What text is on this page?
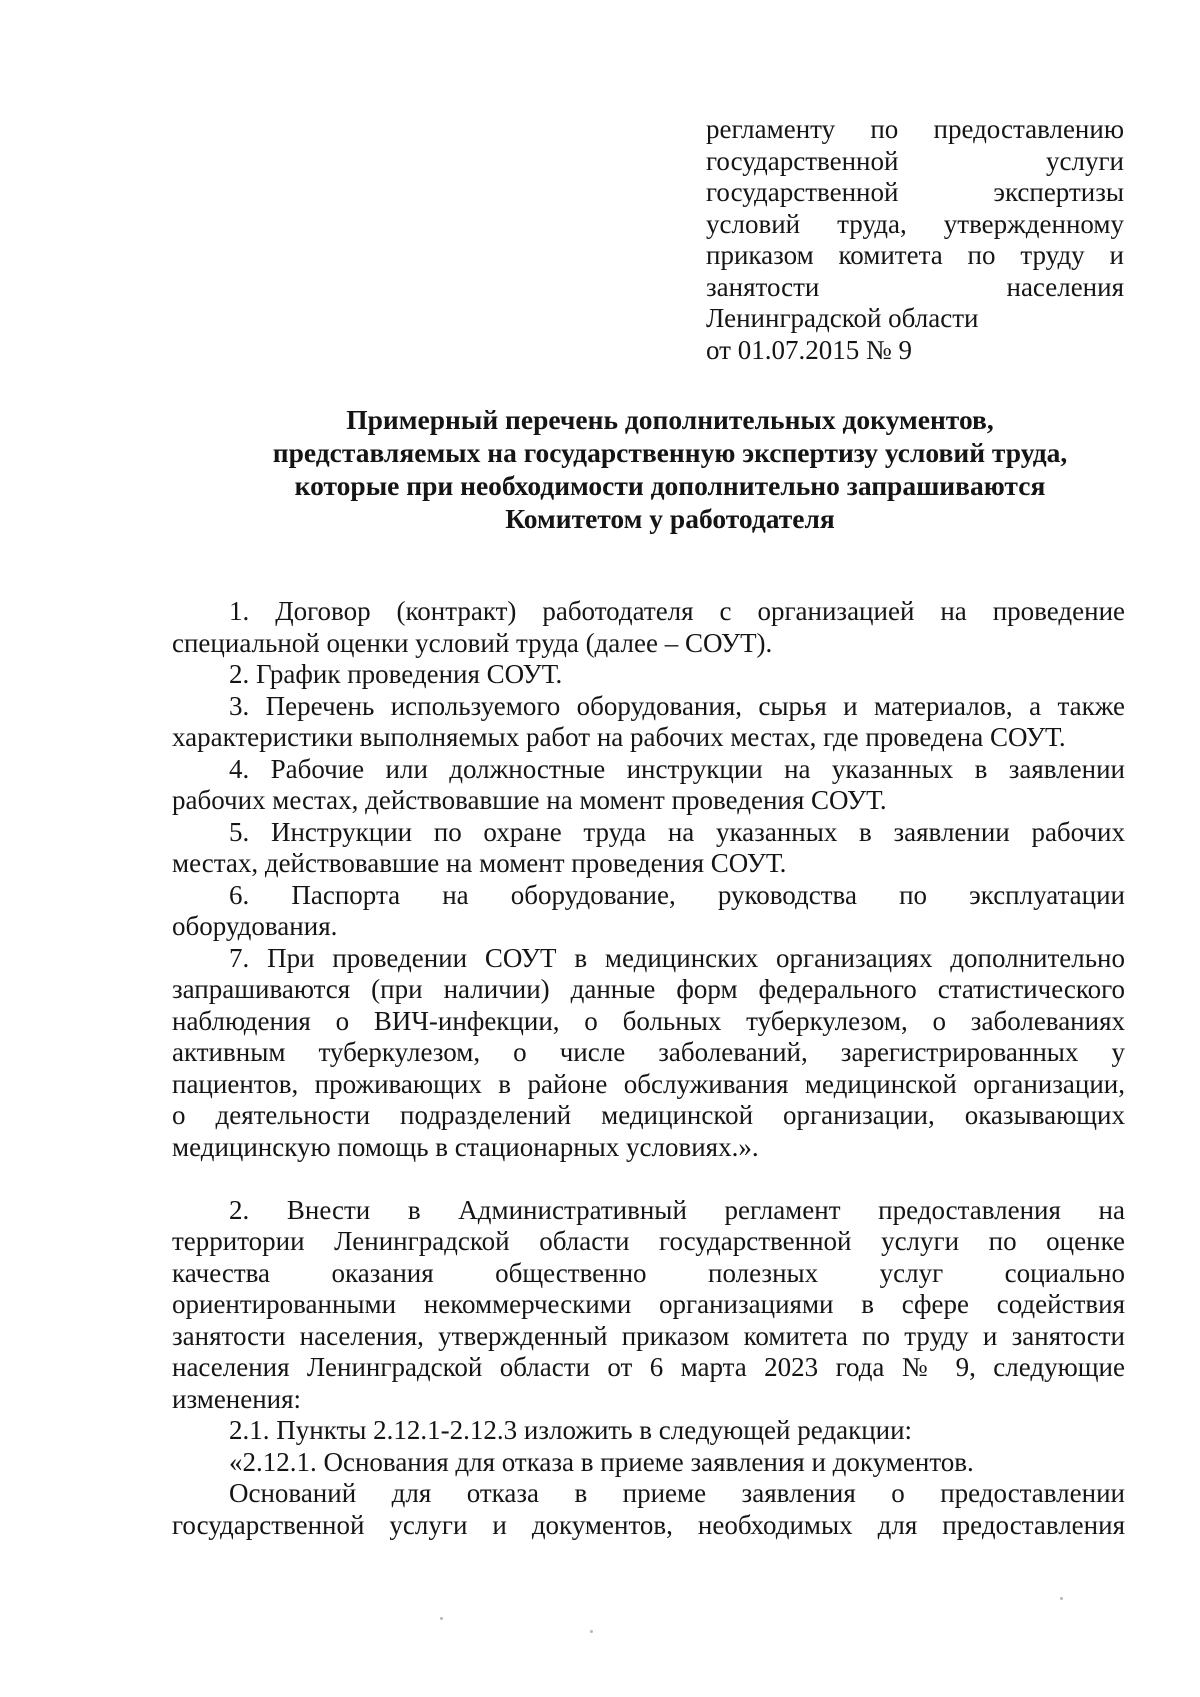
регламенту по предоставлению
государственной услуги
государственной экспертизы
условий труда, утвержденному
приказом комитета по труду и
занятости населения
Ленинградской области
от 01.07.2015 № 9
Примерный перечень дополнительных документов,
представляемых на государственную экспертизу условий труда,
которые при необходимости дополнительно запрашиваются
Комитетом у работодателя
1. Договор (контракт) работодателя с организацией на проведение
специальной оценки условий труда (далее – СОУТ).
2. График проведения СОУТ.
3. Перечень используемого оборудования, сырья и материалов, а также
характеристики выполняемых работ на рабочих местах, где проведена СОУТ.
4. Рабочие или должностные инструкции на указанных в заявлении
рабочих местах, действовавшие на момент проведения СОУТ.
5. Инструкции по охране труда на указанных в заявлении рабочих
местах, действовавшие на момент проведения СОУТ.
6. Паспорта на оборудование, руководства по эксплуатации
оборудования.
7. При проведении СОУТ в медицинских организациях дополнительно
запрашиваются (при наличии) данные форм федерального статистического
наблюдения о ВИЧ-инфекции, о больных туберкулезом, о заболеваниях
активным туберкулезом, о числе заболеваний, зарегистрированных у
пациентов, проживающих в районе обслуживания медицинской организации,
о деятельности подразделений медицинской организации, оказывающих
медицинскую помощь в стационарных условиях.».
2. Внести в Административный регламент предоставления на
территории Ленинградской области государственной услуги по оценке
качества оказания общественно полезных услуг социально
ориентированными некоммерческими организациями в сфере содействия
занятости населения, утвержденный приказом комитета по труду и занятости
населения Ленинградской области от 6 марта 2023 года № 9, следующие
изменения:
2.1. Пункты 2.12.1-2.12.3 изложить в следующей редакции:
«2.12.1. Основания для отказа в приеме заявления и документов.
Оснований для отказа в приеме заявления о предоставлении
государственной услуги и документов, необходимых для предоставления
